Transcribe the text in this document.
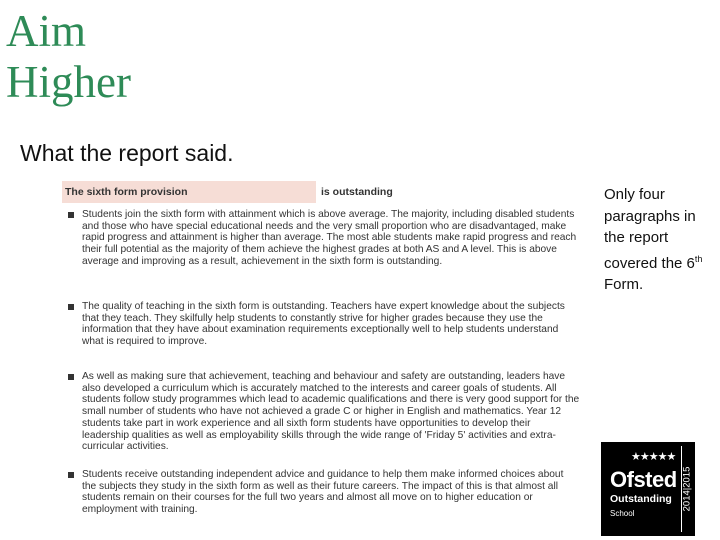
Aim
Higher
What the report said.
The sixth form provision	is outstanding
Students join the sixth form with attainment which is above average. The majority, including disabled students and those who have special educational needs and the very small proportion who are disadvantaged, make rapid progress and attainment is higher than average. The most able students make rapid progress and reach their full potential as the majority of them achieve the highest grades at both AS and A level. This is above average and improving as a result, achievement in the sixth form is outstanding.
The quality of teaching in the sixth form is outstanding. Teachers have expert knowledge about the subjects that they teach. They skilfully help students to constantly strive for higher grades because they use the information that they have about examination requirements exceptionally well to help students understand what is required to improve.
As well as making sure that achievement, teaching and behaviour and safety are outstanding, leaders have also developed a curriculum which is accurately matched to the interests and career goals of students. All students follow study programmes which lead to academic qualifications and there is very good support for the small number of students who have not achieved a grade C or higher in English and mathematics. Year 12 students take part in work experience and all sixth form students have opportunities to develop their leadership qualities as well as employability skills through the wide range of 'Friday 5' activities and extra-curricular activities.
Students receive outstanding independent advice and guidance to help them make informed choices about the subjects they study in the sixth form as well as their future careers. The impact of this is that almost all students remain on their courses for the full two years and almost all move on to higher education or employment with training.
Only four paragraphs in the report covered the 6th Form.
★★★★★
Ofsted
Outstanding
School
2014|2015
